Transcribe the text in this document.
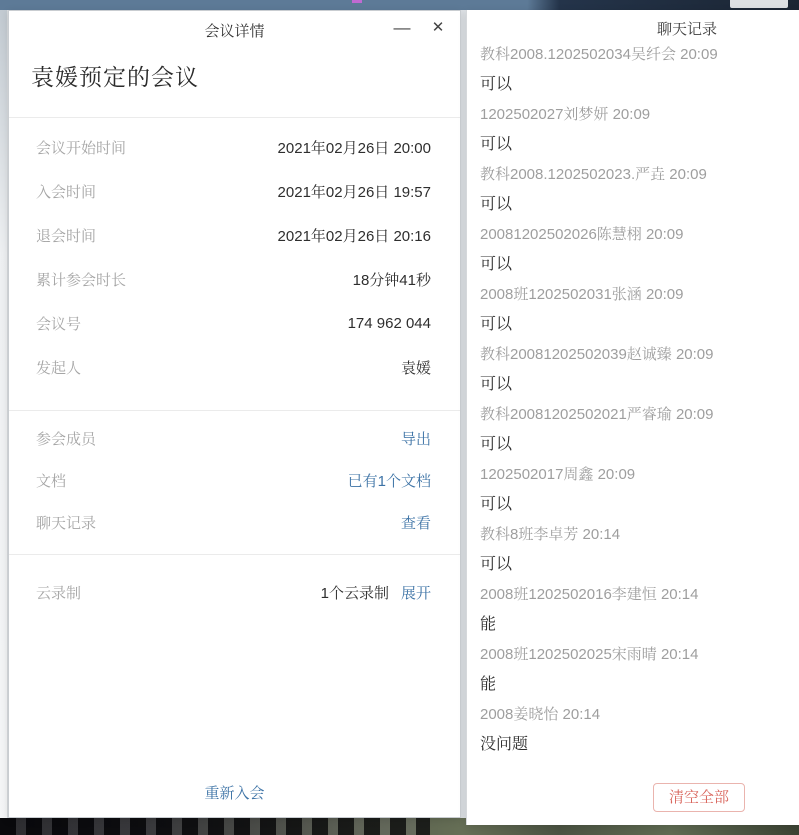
会议详情	—	✕
袁媛预定的会议
会议开始时间	2021年02月26日 20:00
入会时间	2021年02月26日 19:57
退会时间	2021年02月26日 20:16
累计参会时长	18分钟41秒
会议号	174 962 044
发起人	袁媛
参会成员	导出
文档	已有1个文档
聊天记录	查看
云录制	1个云录制 展开
重新入会
聊天记录
教科2008.1202502034吴纤会 20:09
可以
1202502027刘梦妍 20:09
可以
教科2008.1202502023.严垚 20:09
可以
20081202502026陈慧栩 20:09
可以
2008班1202502031张涵 20:09
可以
教科20081202502039赵诚臻 20:09
可以
教科20081202502021严睿瑜 20:09
可以
1202502017周鑫 20:09
可以
教科8班李卓芳 20:14
可以
2008班1202502016李建恒 20:14
能
2008班1202502025宋雨晴 20:14
能
2008姜晓怡 20:14
没问题
清空全部
